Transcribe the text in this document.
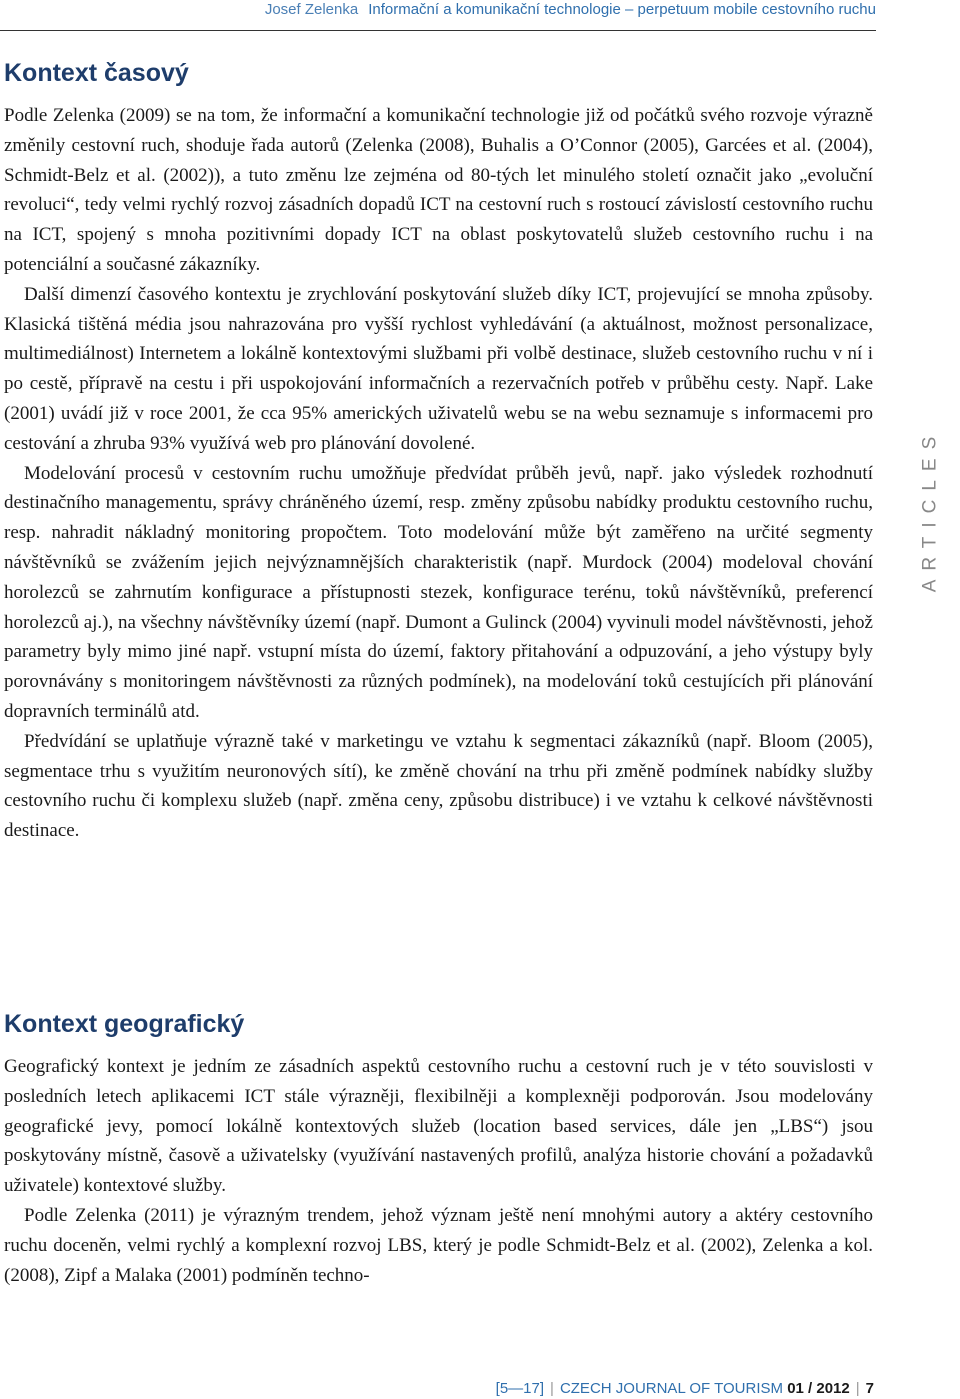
Josef Zelenka Informační a komunikační technologie – perpetuum mobile cestovního ruchu
Kontext časový

Podle Zelenka (2009) se na tom, že informační a komunikační technologie již od počátků svého rozvoje výrazně změnily cestovní ruch, shoduje řada autorů (Zelenka (2008), Buhalis a O’Connor (2005), Garcées et al. (2004), Schmidt-Belz et al. (2002)), a tuto změnu lze zejména od 80-tých let minulého století označit jako „evoluční revoluci“, tedy velmi rychlý rozvoj zásadních dopadů ICT na cestovní ruch s rostoucí závislostí cestovního ruchu na ICT, spojený s mnoha pozitivními dopady ICT na oblast poskytovatelů služeb cestovního ruchu i na potenciální a současné zákazníky.

Další dimenzí časového kontextu je zrychlování poskytování služeb díky ICT, projevující se mnoha způsoby. Klasická tištěná média jsou nahrazována pro vyšší rychlost vyhledávání (a aktuálnost, možnost personalizace, multimediálnost) Internetem a lokálně kontextovými službami při volbě destinace, služeb cestovního ruchu v ní i po cestě, přípravě na cestu i při uspokojování informačních a rezervačních potřeb v průběhu cesty. Např. Lake (2001) uvádí již v roce 2001, že cca 95% amerických uživatelů webu se na webu seznamuje s informacemi pro cestování a zhruba 93% využívá web pro plánování dovolené.

Modelování procesů v cestovním ruchu umožňuje předvídat průběh jevů, např. jako výsledek rozhodnutí destinačního managementu, správy chráněného území, resp. změny způsobu nabídky produktu cestovního ruchu, resp. nahradit nákladný monitoring propočtem. Toto modelování může být zaměřeno na určité segmenty návštěvníků se zvážením jejich nejvýznamnějších charakteristik (např. Murdock (2004) modeloval chování horolezců se zahrnutím konfigurace a přístupnosti stezek, konfigurace terénu, toků návštěvníků, preferencí horolezců aj.), na všechny návštěvníky území (např. Dumont a Gulinck (2004) vyvinuli model návštěvnosti, jehož parametry byly mimo jiné např. vstupní místa do území, faktory přitahování a odpuzování, a jeho výstupy byly porovnávány s monitoringem návštěvnosti za různých podmínek), na modelování toků cestujících při plánování dopravních terminálů atd.

Předvídání se uplatňuje výrazně také v marketingu ve vztahu k segmentaci zákazníků (např. Bloom (2005), segmentace trhu s využitím neuronových sítí), ke změně chování na trhu při změně podmínek nabídky služby cestovního ruchu či komplexu služeb (např. změna ceny, způsobu distribuce) i ve vztahu k celkové návštěvnosti destinace.

Kontext geografický

Geografický kontext je jedním ze zásadních aspektů cestovního ruchu a cestovní ruch je v této souvislosti v posledních letech aplikacemi ICT stále výrazněji, flexibilněji a komplexněji podporován. Jsou modelovány geografické jevy, pomocí lokálně kontextových služeb (location based services, dále jen „LBS“) jsou poskytovány místně, časově a uživatelsky (využívání nastavených profilů, analýza historie chování a požadavků uživatele) kontextové služby.

Podle Zelenka (2011) je výrazným trendem, jehož význam ještě není mnohými autory a aktéry cestovního ruchu doceněn, velmi rychlý a komplexní rozvoj LBS, který je podle Schmidt-Belz et al. (2002), Zelenka a kol. (2008), Zipf a Malaka (2001) podmíněn techno-

ARTICLES
[5—17] | CZECH JOURNAL OF TOURISM 01 / 2012 | 7
